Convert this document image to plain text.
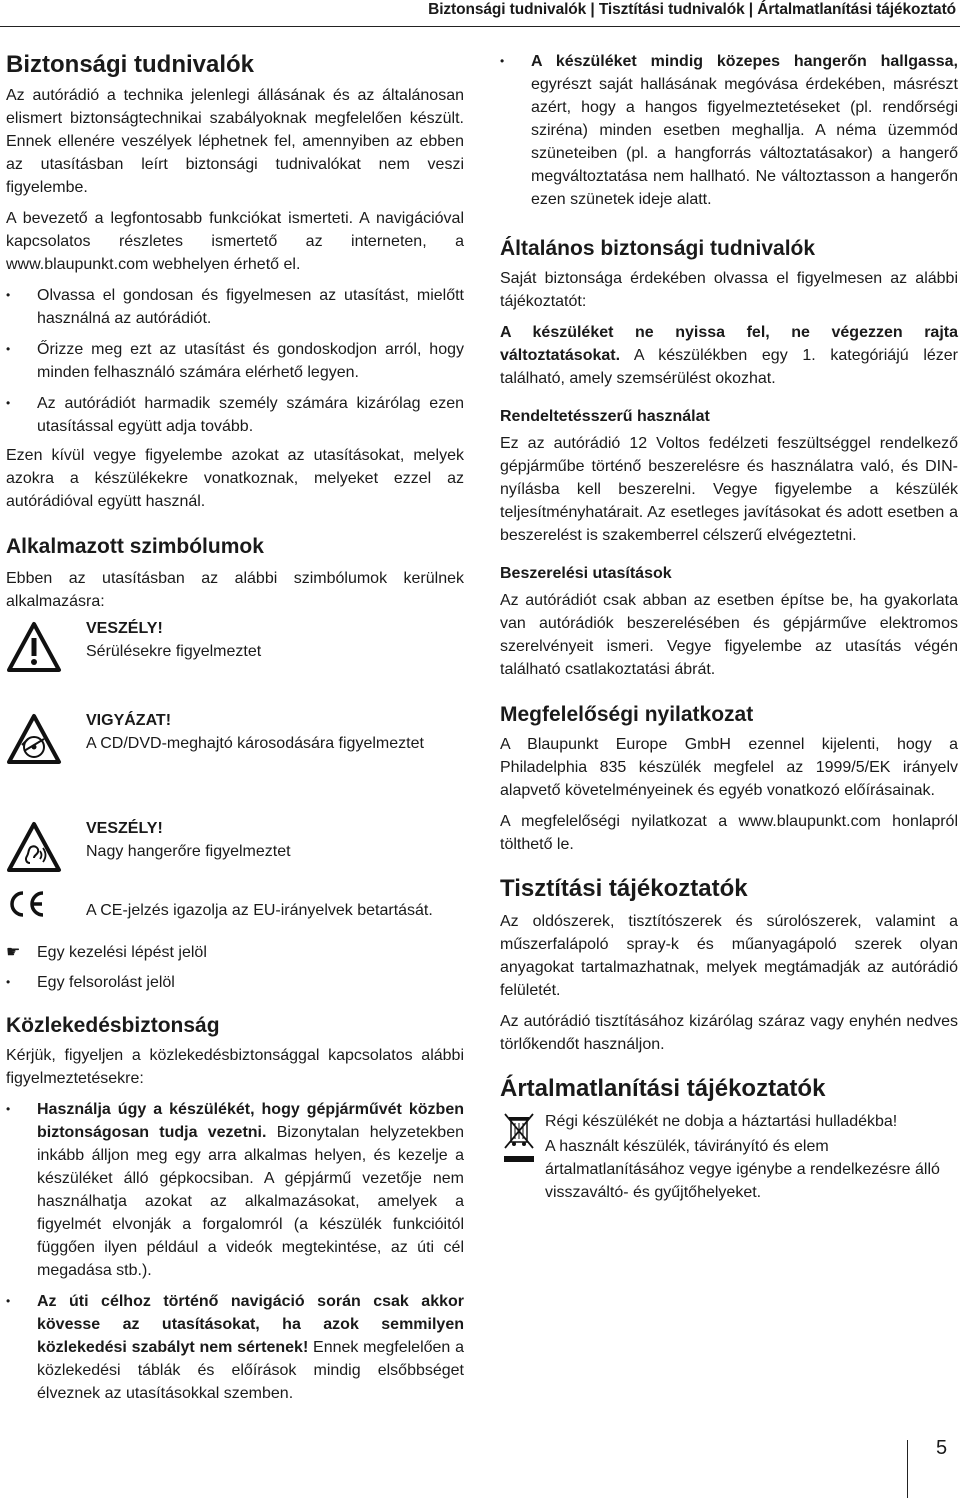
Biztonsági tudnivalók | Tisztítási tudnivalók | Ártalmatlanítási tájékoztató
Biztonsági tudnivalók

Az autórádió a technika jelenlegi állásának és az általánosan elismert biztonságtechnikai szabályoknak megfelelően készült. Ennek ellenére veszélyek léphetnek fel, amennyiben az ebben az utasításban leírt biztonsági tudnivalókat nem veszi figyelembe.

A bevezető a legfontosabb funkciókat ismerteti. A navigációval kapcsolatos részletes ismertető az interneten, a www.blaupunkt.com webhelyen érhető el.

• Olvassa el gondosan és figyelmesen az utasítást, mielőtt használná az autórádiót.
• Őrizze meg ezt az utasítást és gondoskodjon arról, hogy minden felhasználó számára elérhető legyen.
• Az autórádiót harmadik személy számára kizárólag ezen utasítással együtt adja tovább.

Ezen kívül vegye figyelembe azokat az utasításokat, melyek azokra a készülékekre vonatkoznak, melyeket ezzel az autórádióval együtt használ.

Alkalmazott szimbólumok

Ebben az utasításban az alábbi szimbólumok kerülnek alkalmazásra:

VESZÉLY!
Sérülésekre figyelmeztet
VIGYÁZAT!
A CD/DVD-meghajtó károsodására figyelmeztet
VESZÉLY!
Nagy hangerőre figyelmeztet
A CE-jelzés igazolja az EU-irányelvek betartását.
☛ Egy kezelési lépést jelöl
• Egy felsorolást jelöl
Közlekedésbiztonság

Kérjük, figyeljen a közlekedésbiztonsággal kapcsolatos alábbi figyelmeztetésekre:

• Használja úgy a készülékét, hogy gépjárművét közben biztonságosan tudja vezetni. Bizonytalan helyzetekben inkább álljon meg egy arra alkalmas helyen, és kezelje a készüléket álló gépkocsiban. A gépjármű vezetője nem használhatja azokat az alkalmazásokat, amelyek a figyelmét elvonják a forgalomról (a készülék funkcióitól függően ilyen például a videók megtekintése, az úti cél megadása stb.).
• Az úti célhoz történő navigáció során csak akkor kövesse az utasításokat, ha azok semmilyen közlekedési szabályt nem sértenek! Ennek megfelelően a közlekedési táblák és előírások mindig elsőbbséget élveznek az utasításokkal szemben.
• A készüléket mindig közepes hangerőn hallgassa, egyrészt saját hallásának megóvása érdekében, másrészt azért, hogy a hangos figyelmeztetéseket (pl. rendőrségi sziréna) minden esetben meghallja. A néma üzemmód szüneteiben (pl. a hangforrás változtatásakor) a hangerő megváltoztatása nem hallható. Ne változtasson a hangerőn ezen szünetek ideje alatt.
Általános biztonsági tudnivalók

Saját biztonsága érdekében olvassa el figyelmesen az alábbi tájékoztatót:

A készüléket ne nyissa fel, ne végezzen rajta változtatásokat. A készülékben egy 1. kategóriájú lézer található, amely szemsérülést okozhat.

Rendeltetésszerű használat

Ez az autórádió 12 Voltos fedélzeti feszültséggel rendelkező gépjárműbe történő beszerelésre és használatra való, és DIN-nyílásba kell beszerelni. Vegye figyelembe a készülék teljesítményhatárait. Az esetleges javításokat és adott esetben a beszerelést is szakemberrel célszerű elvégeztetni.

Beszerelési utasítások

Az autórádiót csak abban az esetben építse be, ha gyakorlata van autórádiók beszerelésében és gépjárműve elektromos szerelvényeit ismeri. Vegye figyelembe az utasítás végén található csatlakoztatási ábrát.

Megfelelőségi nyilatkozat

A Blaupunkt Europe GmbH ezennel kijelenti, hogy a Philadelphia 835 készülék megfelel az 1999/5/EK irányelv alapvető követelményeinek és egyéb vonatkozó előírásainak.

A megfelelőségi nyilatkozat a www.blaupunkt.com honlapról tölthető le.

Tisztítási tájékoztatók

Az oldószerek, tisztítószerek és súrolószerek, valamint a műszerfalápoló spray-k és műanyagápoló szerek olyan anyagokat tartalmazhatnak, melyek megtámadják az autórádió felületét.

Az autórádió tisztításához kizárólag száraz vagy enyhén nedves törlőkendőt használjon.

Ártalmatlanítási tájékoztatók

Régi készülékét ne dobja a háztartási hulladékba!

A használt készülék, távirányító és elem ártalmatlanításához vegye igénybe a rendelkezésre álló visszaváltó- és gyűjtőhelyeket.

5
